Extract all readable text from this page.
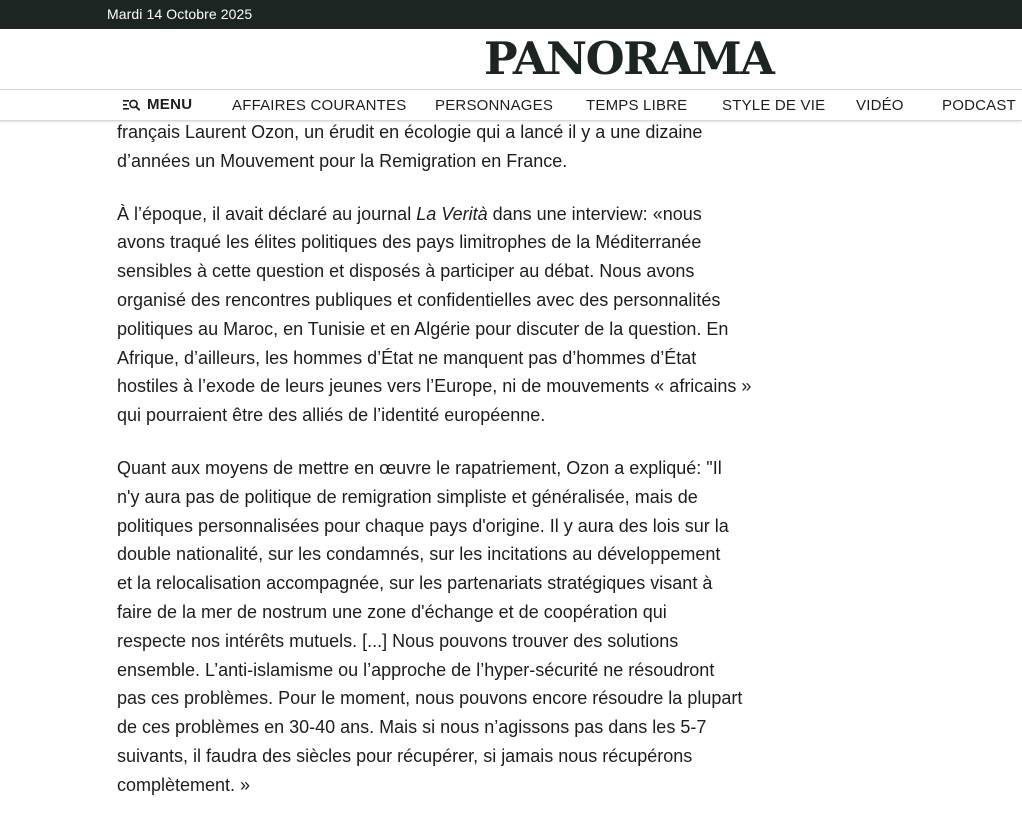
Mardi 14 Octobre 2025
PANORAMA
MENU	AFFAIRES COURANTES PERSONNAGES TEMPS LIBRE STYLE DE VIE VIDÉO	PODCAST

français Laurent Ozon, un érudit en écologie qui a lancé il y a une dizaine
d’années un Mouvement pour la Remigration en France.

À l’époque, il avait déclaré au journal La Verità dans une interview: «nous
avons traqué les élites politiques des pays limitrophes de la Méditerranée
sensibles à cette question et disposés à participer au débat. Nous avons
organisé des rencontres publiques et confidentielles avec des personnalités
politiques au Maroc, en Tunisie et en Algérie pour discuter de la question. En
Afrique, d’ailleurs, les hommes d’État ne manquent pas d’hommes d’État
hostiles à l’exode de leurs jeunes vers l’Europe, ni de mouvements « africains »
qui pourraient être des alliés de l’identité européenne.

Quant aux moyens de mettre en œuvre le rapatriement, Ozon a expliqué: "Il
n'y aura pas de politique de remigration simpliste et généralisée, mais de
politiques personnalisées pour chaque pays d'origine. Il y aura des lois sur la
double nationalité, sur les condamnés, sur les incitations au développement
et la relocalisation accompagnée, sur les partenariats stratégiques visant à
faire de la mer de nostrum une zone d'échange et de coopération qui
respecte nos intérêts mutuels. [...] Nous pouvons trouver des solutions
ensemble. L’anti-islamisme ou l’approche de l’hyper-sécurité ne résoudront
pas ces problèmes. Pour le moment, nous pouvons encore résoudre la plupart
de ces problèmes en 30-40 ans. Mais si nous n’agissons pas dans les 5-7
suivants, il faudra des siècles pour récupérer, si jamais nous récupérons
complètement. »
